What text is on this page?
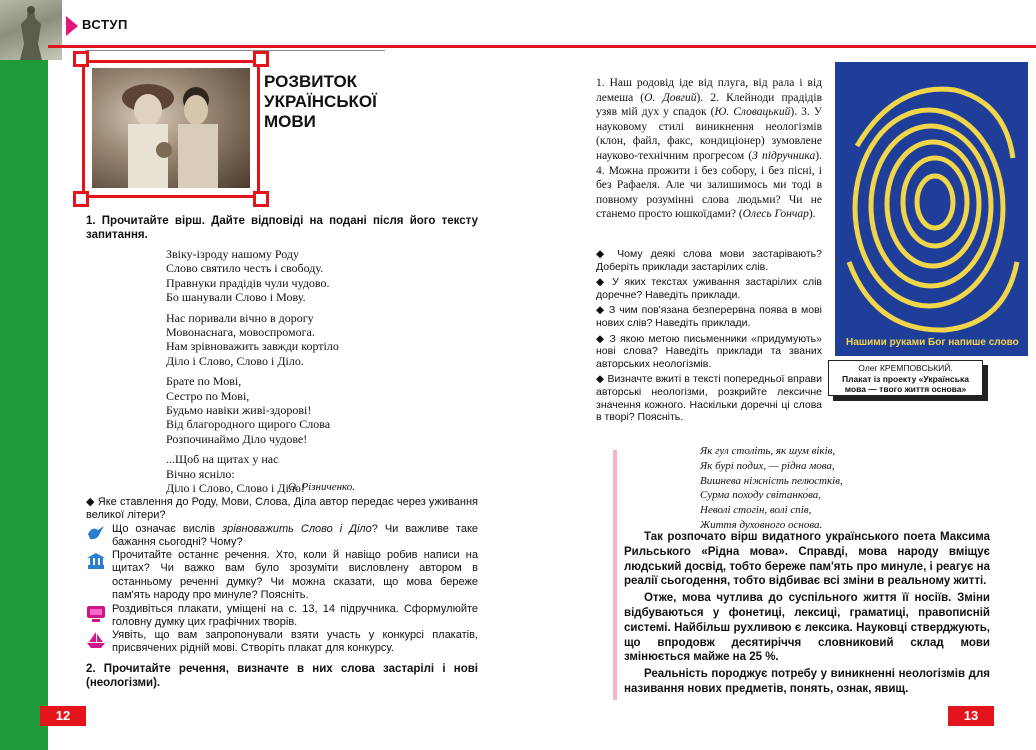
ВСТУП
РОЗВИТОК
УКРАЇНСЬКОЇ
МОВИ
1. Прочитайте вірш. Дайте відповіді на подані після його тексту запитання.
Звіку-ізроду нашому Роду
Слово святило честь і свободу.
Правнуки прадідів чули чудово.
Бо шанували Слово і Мову.
Нас поривали вічно в дорогу
Мовонаснага, мовоспромога.
Нам зрівноважить завжди кортіло
Діло і Слово, Слово і Діло.
Брате по Мові,
Сестро по Мові,
Будьмо навіки живі-здорові!
Від благородного щирого Слова
Розпочинаймо Діло чудове!
...Щоб на щитах у нас
Вічно ясніло:
Діло і Слово, Слово і Діло!
О. Різниченко.
◆ Яке ставлення до Роду, Мови, Слова, Діла автор передає через уживання великої літери?
Що означає вислів зрівноважить Слово і Діло? Чи важливе таке бажання сьогодні? Чому?
Прочитайте останнє речення. Хто, коли й навіщо робив написи на щитах? Чи важко вам було зрозуміти висловлену автором в останньому реченні думку? Чи можна сказати, що мова береже пам'ять народу про минуле? Поясніть.
Роздивіться плакати, уміщені на с. 13, 14 підручника. Сформулюйте головну думку цих графічних творів.
Уявіть, що вам запропонували взяти участь у конкурсі плакатів, присвячених рідній мові. Створіть плакат для конкурсу.
2. Прочитайте речення, визначте в них слова застарілі і нові (неологізми).
12
1. Наш родовід іде від плуга, від рала і від лемеша (О. Довгий). 2. Клейноди прадідів узяв мій дух у спадок (Ю. Словацький). 3. У науковому стилі виникнення неологізмів (клон, файл, факс, кондиціонер) зумовлене науково-технічним прогресом (З підручника). 4. Можна прожити і без собору, і без пісні, і без Рафаеля. Але чи залишимось ми тоді в повному розумінні слова людьми? Чи не станемо просто юшкоїдами? (Олесь Гончар).
◆ Чому деякі слова мови застарівають? Доберіть приклади застарілих слів.
◆ У яких текстах уживання застарілих слів доречне? Наведіть приклади.
◆ З чим пов'язана безперервна поява в мові нових слів? Наведіть приклади.
◆ З якою метою письменники «придумують» нові слова? Наведіть приклади та званих авторських неологізмів.
◆ Визначте вжиті в тексті попередньої вправи авторські неологізми, розкрийте лексичне значення кожного. Наскільки доречні ці слова в творі? Поясніть.
Нашими руками Бог напише слово
Олег КРЕМПОВСЬКИЙ.
Плакат із проекту «Українська мова — твого життя основа»
Як гул століть, як шум віків,
Як бурі подих, — рідна мова,
Вишнева ніжність пелюстків,
Сурма походу світанко́ва,
Неволі стогін, волі спів,
Життя духовного основа.

Так розпочато вірш видатного українського поета Максима Рильського «Рідна мова». Справді, мова народу вміщує людський досвід, тобто береже пам'ять про минуле, і реагує на реалії сьогодення, тобто відбиває всі зміни в реальному житті.

Отже, мова чутлива до суспільного життя її носіїв. Зміни відбуваються у фонетиці, лексиці, граматиці, правописній системі. Найбільш рухливою є лексика. Науковці стверджують, що впродовж десятиріччя словниковий склад мови змінюється майже на 25 %.

Реальність породжує потребу у виникненні неологізмів для називання нових предметів, понять, ознак, явищ.

13
